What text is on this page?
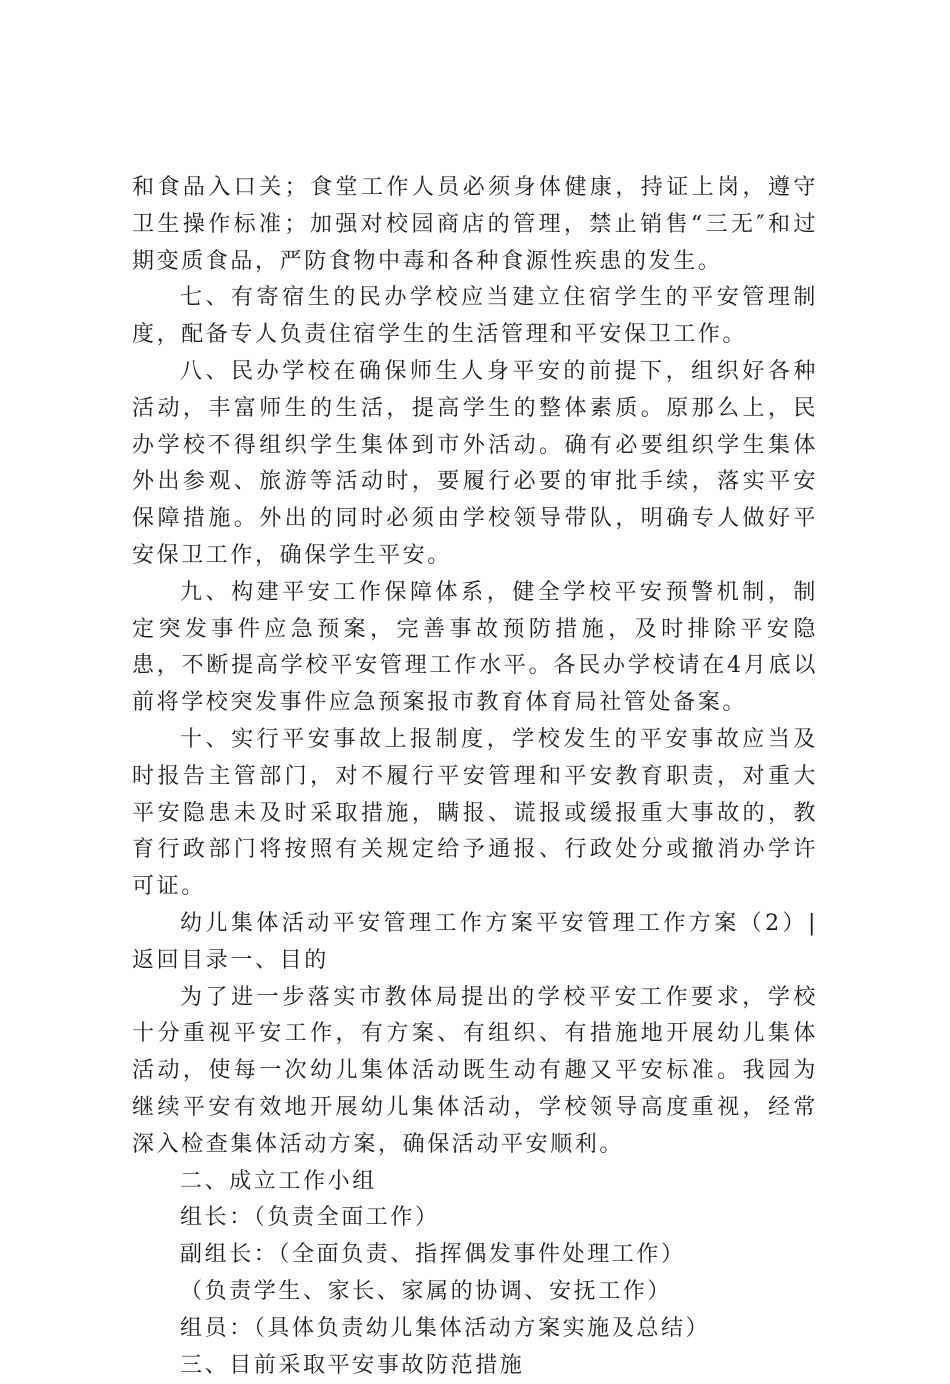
和食品入口关；食堂工作人员必须身体健康，持证上岗，遵守卫生操作标准；加强对校园商店的管理，禁止销售“三无″和过期变质食品，严防食物中毒和各种食源性疾患的发生。

七、有寄宿生的民办学校应当建立住宿学生的平安管理制度，配备专人负责住宿学生的生活管理和平安保卫工作。

八、民办学校在确保师生人身平安的前提下，组织好各种活动，丰富师生的生活，提高学生的整体素质。原那么上，民办学校不得组织学生集体到市外活动。确有必要组织学生集体外出参观、旅游等活动时，要履行必要的审批手续，落实平安保障措施。外出的同时必须由学校领导带队，明确专人做好平安保卫工作，确保学生平安。

九、构建平安工作保障体系，健全学校平安预警机制，制定突发事件应急预案，完善事故预防措施，及时排除平安隐患，不断提高学校平安管理工作水平。各民办学校请在4月底以前将学校突发事件应急预案报市教育体育局社管处备案。

十、实行平安事故上报制度，学校发生的平安事故应当及时报告主管部门，对不履行平安管理和平安教育职责，对重大平安隐患未及时采取措施，瞒报、谎报或缓报重大事故的，教育行政部门将按照有关规定给予通报、行政处分或撤消办学许可证。

幼儿集体活动平安管理工作方案平安管理工作方案（2）|返回目录一、目的

为了进一步落实市教体局提出的学校平安工作要求，学校十分重视平安工作，有方案、有组织、有措施地开展幼儿集体活动，使每一次幼儿集体活动既生动有趣又平安标准。我园为继续平安有效地开展幼儿集体活动，学校领导高度重视，经常深入检查集体活动方案，确保活动平安顺利。

二、成立工作小组

组长：（负责全面工作）

副组长：（全面负责、指挥偶发事件处理工作）

（负责学生、家长、家属的协调、安抚工作）

组员：（具体负责幼儿集体活动方案实施及总结）

三、目前采取平安事故防范措施
